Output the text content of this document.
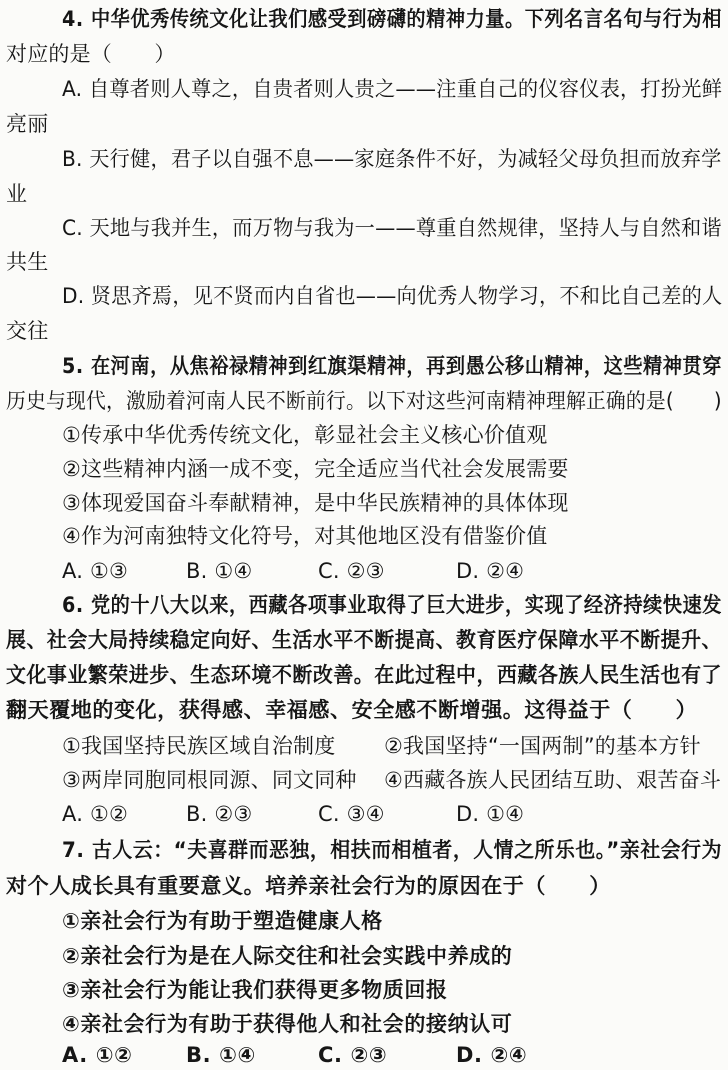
4. 中华优秀传统文化让我们感受到磅礴的精神力量。下列名言名句与行为相
对应的是（　　）
A. 自尊者则人尊之，自贵者则人贵之——注重自己的仪容仪表，打扮光鲜
亮丽
B. 天行健，君子以自强不息——家庭条件不好，为减轻父母负担而放弃学
业
C. 天地与我并生，而万物与我为一——尊重自然规律，坚持人与自然和谐
共生
D. 贤思齐焉，见不贤而内自省也——向优秀人物学习，不和比自己差的人
交往
5. 在河南，从焦裕禄精神到红旗渠精神，再到愚公移山精神，这些精神贯穿
历史与现代，激励着河南人民不断前行。以下对这些河南精神理解正确的是(　　)
①传承中华优秀传统文化，彰显社会主义核心价值观
②这些精神内涵一成不变，完全适应当代社会发展需要
③体现爱国奋斗奉献精神，是中华民族精神的具体体现
④作为河南独特文化符号，对其他地区没有借鉴价值
A. ①③	B. ①④	C. ②③	D. ②④
6. 党的十八大以来，西藏各项事业取得了巨大进步，实现了经济持续快速发
展、社会大局持续稳定向好、生活水平不断提高、教育医疗保障水平不断提升、
文化事业繁荣进步、生态环境不断改善。在此过程中，西藏各族人民生活也有了
翻天覆地的变化，获得感、幸福感、安全感不断增强。这得益于（　　）
①我国坚持民族区域自治制度 ②我国坚持“一国两制”的基本方针
③两岸同胞同根同源、同文同种 ④西藏各族人民团结互助、艰苦奋斗
A. ①②	B. ②③	C. ③④	D. ①④
7. 古人云：“夫喜群而恶独，相扶而相植者，人情之所乐也。”亲社会行为
对个人成长具有重要意义。培养亲社会行为的原因在于（　　）
①亲社会行为有助于塑造健康人格
②亲社会行为是在人际交往和社会实践中养成的
③亲社会行为能让我们获得更多物质回报
④亲社会行为有助于获得他人和社会的接纳认可
A. ①②	B. ①④	C. ②③	D. ②④
